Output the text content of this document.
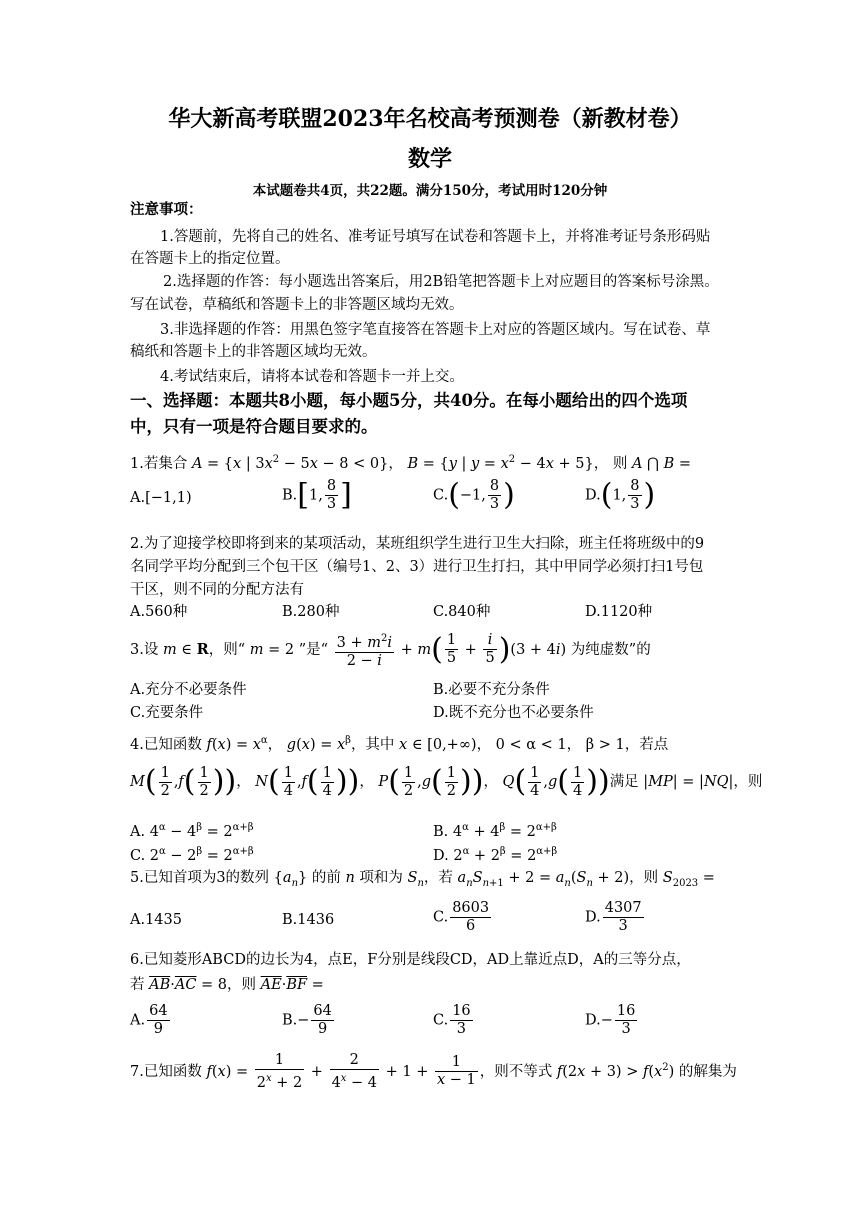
华大新高考联盟2023年名校高考预测卷（新教材卷）
数学
本试题卷共4页，共22题。满分150分，考试用时120分钟
注意事项：
1.答题前，先将自己的姓名、准考证号填写在试卷和答题卡上，并将准考证号条形码贴
在答题卡上的指定位置。
2.选择题的作答：每小题选出答案后，用2B铅笔把答题卡上对应题目的答案标号涂黑。
写在试卷，草稿纸和答题卡上的非答题区域均无效。
3.非选择题的作答：用黑色签字笔直接答在答题卡上对应的答题区域内。写在试卷、草
稿纸和答题卡上的非答题区域均无效。
4.考试结束后，请将本试卷和答题卡一并上交。
一、选择题：本题共8小题，每小题5分，共40分。在每小题给出的四个选项
中，只有一项是符合题目要求的。
1.若集合 A = {x | $3x^2 - 5x - 8 < 0$}， B = {y | $y = x^2 - 4x + 5$}， 则 A ⋂ B =
A.[−1,1)	B.[1, $\frac{8}{3}$ ]	C.(−1, $\frac{8}{3}$ )	D.(1, $\frac{8}{3}$ )
2.为了迎接学校即将到来的某项活动，某班组织学生进行卫生大扫除，班主任将班级中的9
名同学平均分配到三个包干区（编号1、2、3）进行卫生打扫，其中甲同学必须打扫1号包
干区，则不同的分配方法有
A.560种	B.280种	C.840种	D.1120种
3.设 m ∈ R，则“ m = 2 ”是“ $\frac{3 + m^2i}{2 - i} + m( \frac{1}{5} + \frac{i}{5} )(3 + 4i)$ 为纯虚数”的
A.充分不必要条件	B.必要不充分条件
C.充要条件	D.既不充分也不必要条件
4.已知函数 $f(x) = x^\alpha$， $g(x) = x^\beta$，其中 x ∈ [0,+∞)， 0 < α < 1， β > 1，若点
$M( \frac{1}{2} ,f( \frac{1}{2}$ ))， $N( \frac{1}{4} ,f( \frac{1}{4}$ ))， $P( \frac{1}{2} ,g( \frac{1}{2}$ ))， $Q( \frac{1}{4} ,g( \frac{1}{4}$ ))满足 |MP| = |NQ|，则
A. $4^\alpha - 4^\beta = 2^{\alpha+\beta}$	B. $4^\alpha + 4^\beta = 2^{\alpha+\beta}$
C. $2^\alpha - 2^\beta = 2^{\alpha+\beta}$	D. $2^\alpha + 2^\beta = 2^{\alpha+\beta}$
5.已知首项为3的数列 $\{a_n\}$ 的前 n 项和为 $S_n$，若 $a_nS_{n+1} + 2 = a_n(S_n + 2)$，则 $S_{2023}$ =
A.1435	B.1436	C. $\frac{8603}{6}$	D. $\frac{4307}{3}$
6.已知菱形ABCD的边长为4，点E，F分别是线段CD，AD上靠近点D，A的三等分点，
若 $\overline{AB}\cdot\overline{AC} = 8$，则 $\overline{AE}\cdot\overline{BF}$ =
A. $\frac{64}{9}$	$B.- \frac{64}{9}$	C. $\frac{16}{3}$	$D.- \frac{16}{3}$
7.已知函数 $f(x) = \frac{1}{2^x + 2} + \frac{2}{4^x - 4} + 1 + \frac{1}{x - 1}$ ，则不等式 $f(2x + 3) > f(x^2)$ 的解集为
